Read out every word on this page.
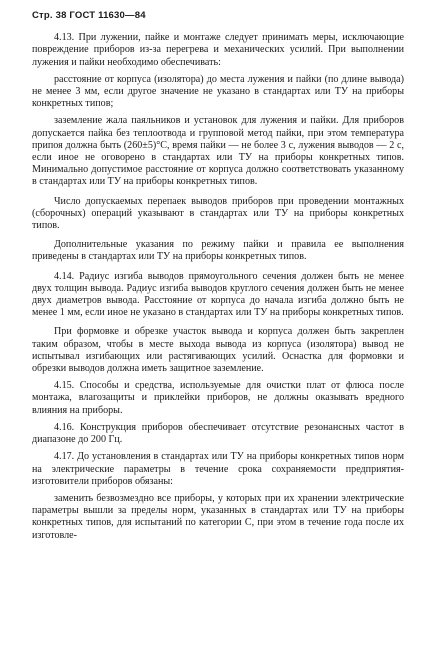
Стр. 38 ГОСТ 11630—84

4.13. При лужении, пайке и монтаже следует принимать меры, исключающие повреждение приборов из-за перегрева и механических усилий. При выполнении лужения и пайки необходимо обеспечивать:

расстояние от корпуса (изолятора) до места лужения и пайки (по длине вывода) не менее 3 мм, если другое значение не указано в стандартах или ТУ на приборы конкретных типов;

заземление жала паяльников и установок для лужения и пайки. Для приборов допускается пайка без теплоотвода и групповой метод пайки, при этом температура припоя должна быть (260±5)°С, время пайки — не более 3 с, лужения выводов — 2 с, если иное не оговорено в стандартах или ТУ на приборы конкретных типов. Минимально допустимое расстояние от корпуса должно соответствовать указанному в стандартах или ТУ на приборы конкретных типов.

Число допускаемых перепаек выводов приборов при проведении монтажных (сборочных) операций указывают в стандартах или ТУ на приборы конкретных типов.

Дополнительные указания по режиму пайки и правила ее выполнения приведены в стандартах или ТУ на приборы конкретных типов.

4.14. Радиус изгиба выводов прямоугольного сечения должен быть не менее двух толщин вывода. Радиус изгиба выводов круглого сечения должен быть не менее двух диаметров вывода. Расстояние от корпуса до начала изгиба должно быть не менее 1 мм, если иное не указано в стандартах или ТУ на приборы конкретных типов.

При формовке и обрезке участок вывода и корпуса должен быть закреплен таким образом, чтобы в месте выхода вывода из корпуса (изолятора) вывод не испытывал изгибающих или растягивающих усилий. Оснастка для формовки и обрезки выводов должна иметь защитное заземление.

4.15. Способы и средства, используемые для очистки плат от флюса после монтажа, влагозащиты и приклейки приборов, не должны оказывать вредного влияния на приборы.

4.16. Конструкция приборов обеспечивает отсутствие резонансных частот в диапазоне до 200 Гц.

4.17. До установления в стандартах или ТУ на приборы конкретных типов норм на электрические параметры в течение срока сохраняемости предприятия-изготовители приборов обязаны:

заменить безвозмездно все приборы, у которых при их хранении электрические параметры вышли за пределы норм, указанных в стандартах или ТУ на приборы конкретных типов, для испытаний по категории С, при этом в течение года после их изготовле-
